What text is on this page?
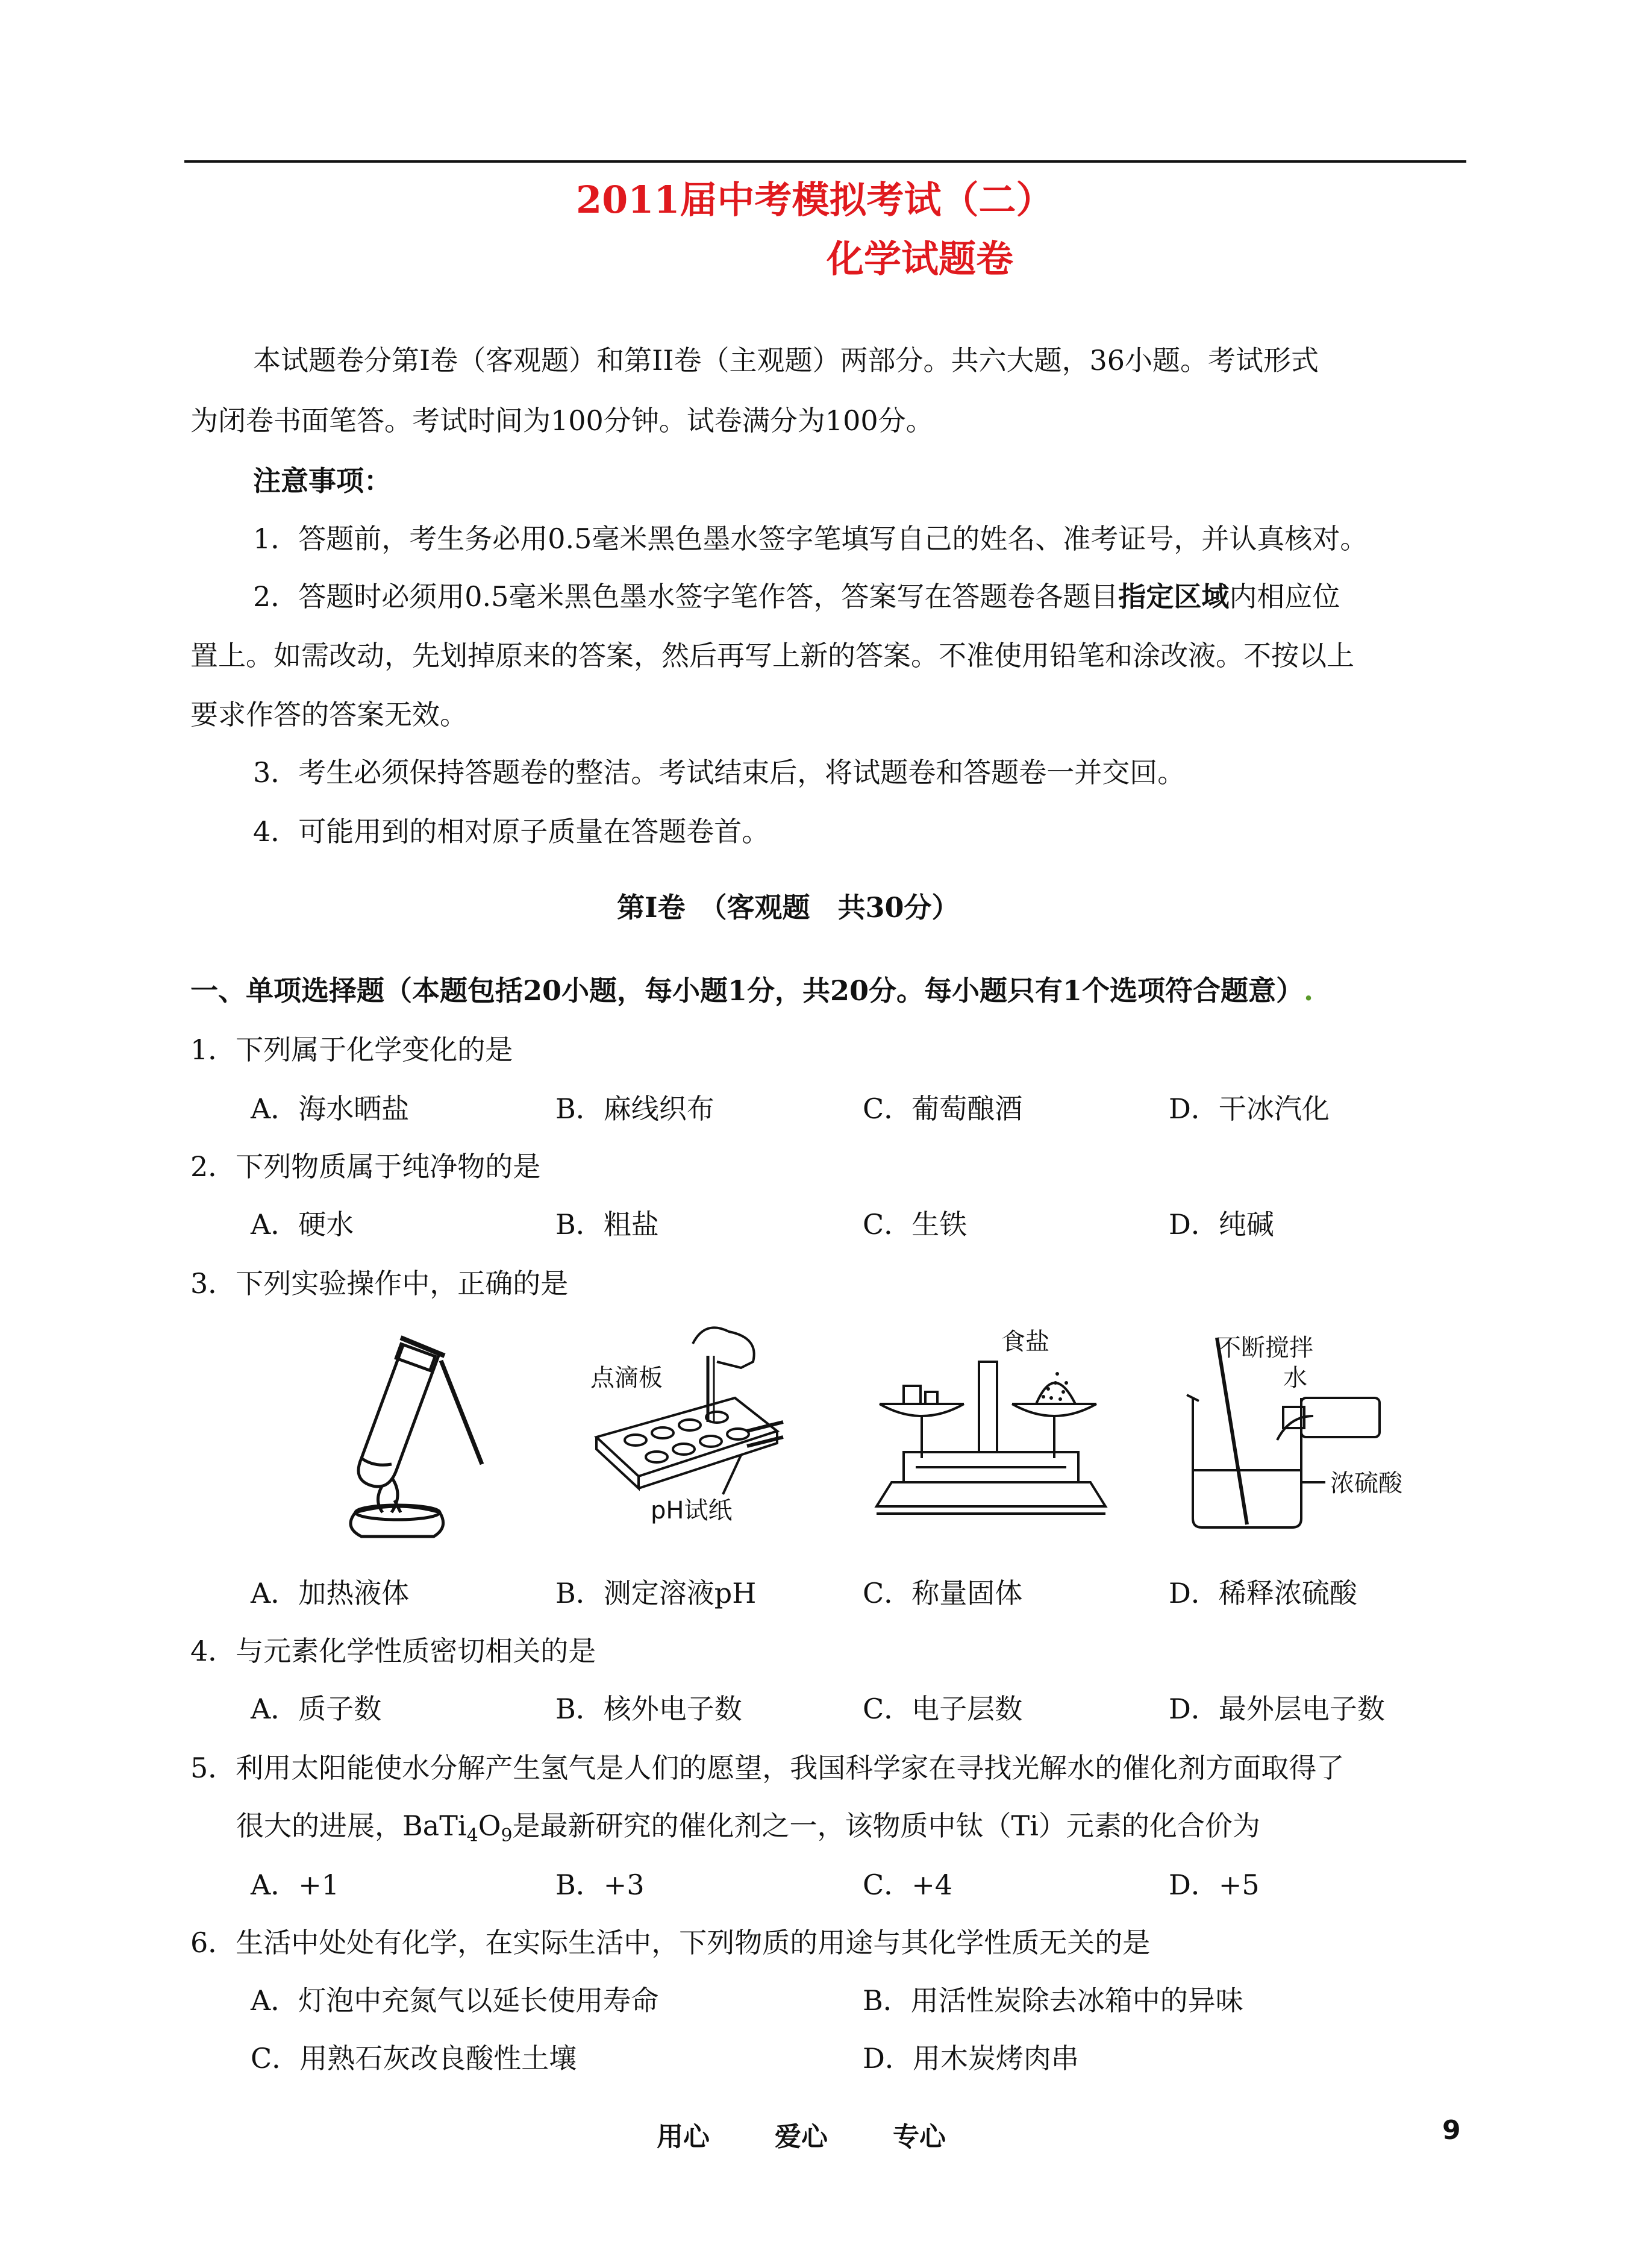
2011届中考模拟考试（二）
化学试题卷
本试题卷分第Ⅰ卷（客观题）和第II卷（主观题）两部分。共六大题，36小题。考试形式
为闭卷书面笔答。考试时间为100分钟。试卷满分为100分。
注意事项：
1．答题前，考生务必用0.5毫米黑色墨水签字笔填写自己的姓名、准考证号，并认真核对。
2．答题时必须用0.5毫米黑色墨水签字笔作答，答案写在答题卷各题目指定区域内相应位
置上。如需改动，先划掉原来的答案，然后再写上新的答案。不准使用铅笔和涂改液。不按以上
要求作答的答案无效。
3．考生必须保持答题卷的整洁。考试结束后，将试题卷和答题卷一并交回。
4．可能用到的相对原子质量在答题卷首。
第Ⅰ卷　（客观题　共30分）
一、单项选择题（本题包括20小题，每小题1分，共20分。每小题只有1个选项符合题意）.
1．下列属于化学变化的是
A．海水晒盐	B．麻线织布	C．葡萄酿酒	D．干冰汽化
2．下列物质属于纯净物的是
A．硬水	B．粗盐	C．生铁	D．纯碱
3．下列实验操作中，正确的是
点滴板
pH试纸
食盐	不断搅拌
水
浓硫酸
A．加热液体	B．测定溶液pH	C．称量固体	D．稀释浓硫酸
4．与元素化学性质密切相关的是
A．质子数	B．核外电子数	C．电子层数	D．最外层电子数
5．利用太阳能使水分解产生氢气是人们的愿望，我国科学家在寻找光解水的催化剂方面取得了
很大的进展，$BaTi_4O_9$是最新研究的催化剂之一，该物质中钛（Ti）元素的化合价为
A．+1	B．+3	C．+4	D．+5
6．生活中处处有化学，在实际生活中，下列物质的用途与其化学性质无关的是
A．灯泡中充氮气以延长使用寿命	B．用活性炭除去冰箱中的异味
C．用熟石灰改良酸性土壤	D．用木炭烤肉串
用心 爱心 专心	9
